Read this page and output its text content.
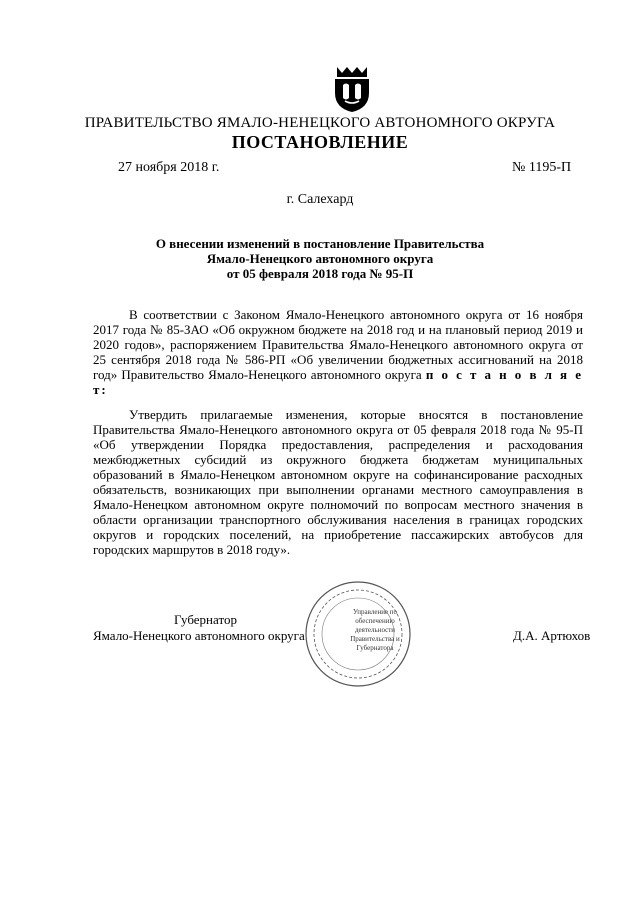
ПРАВИТЕЛЬСТВО ЯМАЛО-НЕНЕЦКОГО АВТОНОМНОГО ОКРУГА
ПОСТАНОВЛЕНИЕ
27 ноября 2018 г.	№ 1195-П
г. Салехард
О внесении изменений в постановление Правительства
Ямало-Ненецкого автономного округа
от 05 февраля 2018 года № 95-П
В соответствии с Законом Ямало-Ненецкого автономного округа от 16 ноября 2017 года № 85-ЗАО «Об окружном бюджете на 2018 год и на плановый период 2019 и 2020 годов», распоряжением Правительства Ямало-Ненецкого автономного округа от 25 сентября 2018 года № 586-РП «Об увеличении бюджетных ассигнований на 2018 год» Правительство Ямало-Ненецкого автономного округа п о с т а н о в л я е т:
Утвердить прилагаемые изменения, которые вносятся в постановление Правительства Ямало-Ненецкого автономного округа от 05 февраля 2018 года № 95-П «Об утверждении Порядка предоставления, распределения и расходования межбюджетных субсидий из окружного бюджета бюджетам муниципальных образований в Ямало-Ненецком автономном округе на софинансирование расходных обязательств, возникающих при выполнении органами местного самоуправления в Ямало-Ненецком автономном округе полномочий по вопросам местного значения в области организации транспортного обслуживания населения в границах городских округов и городских поселений, на приобретение пассажирских автобусов для городских маршрутов в 2018 году».
Губернатор
Ямало-Ненецкого автономного округа	Д.А. Артюхов
Управление по обеспечению деятельности Правительства и Губернатора
